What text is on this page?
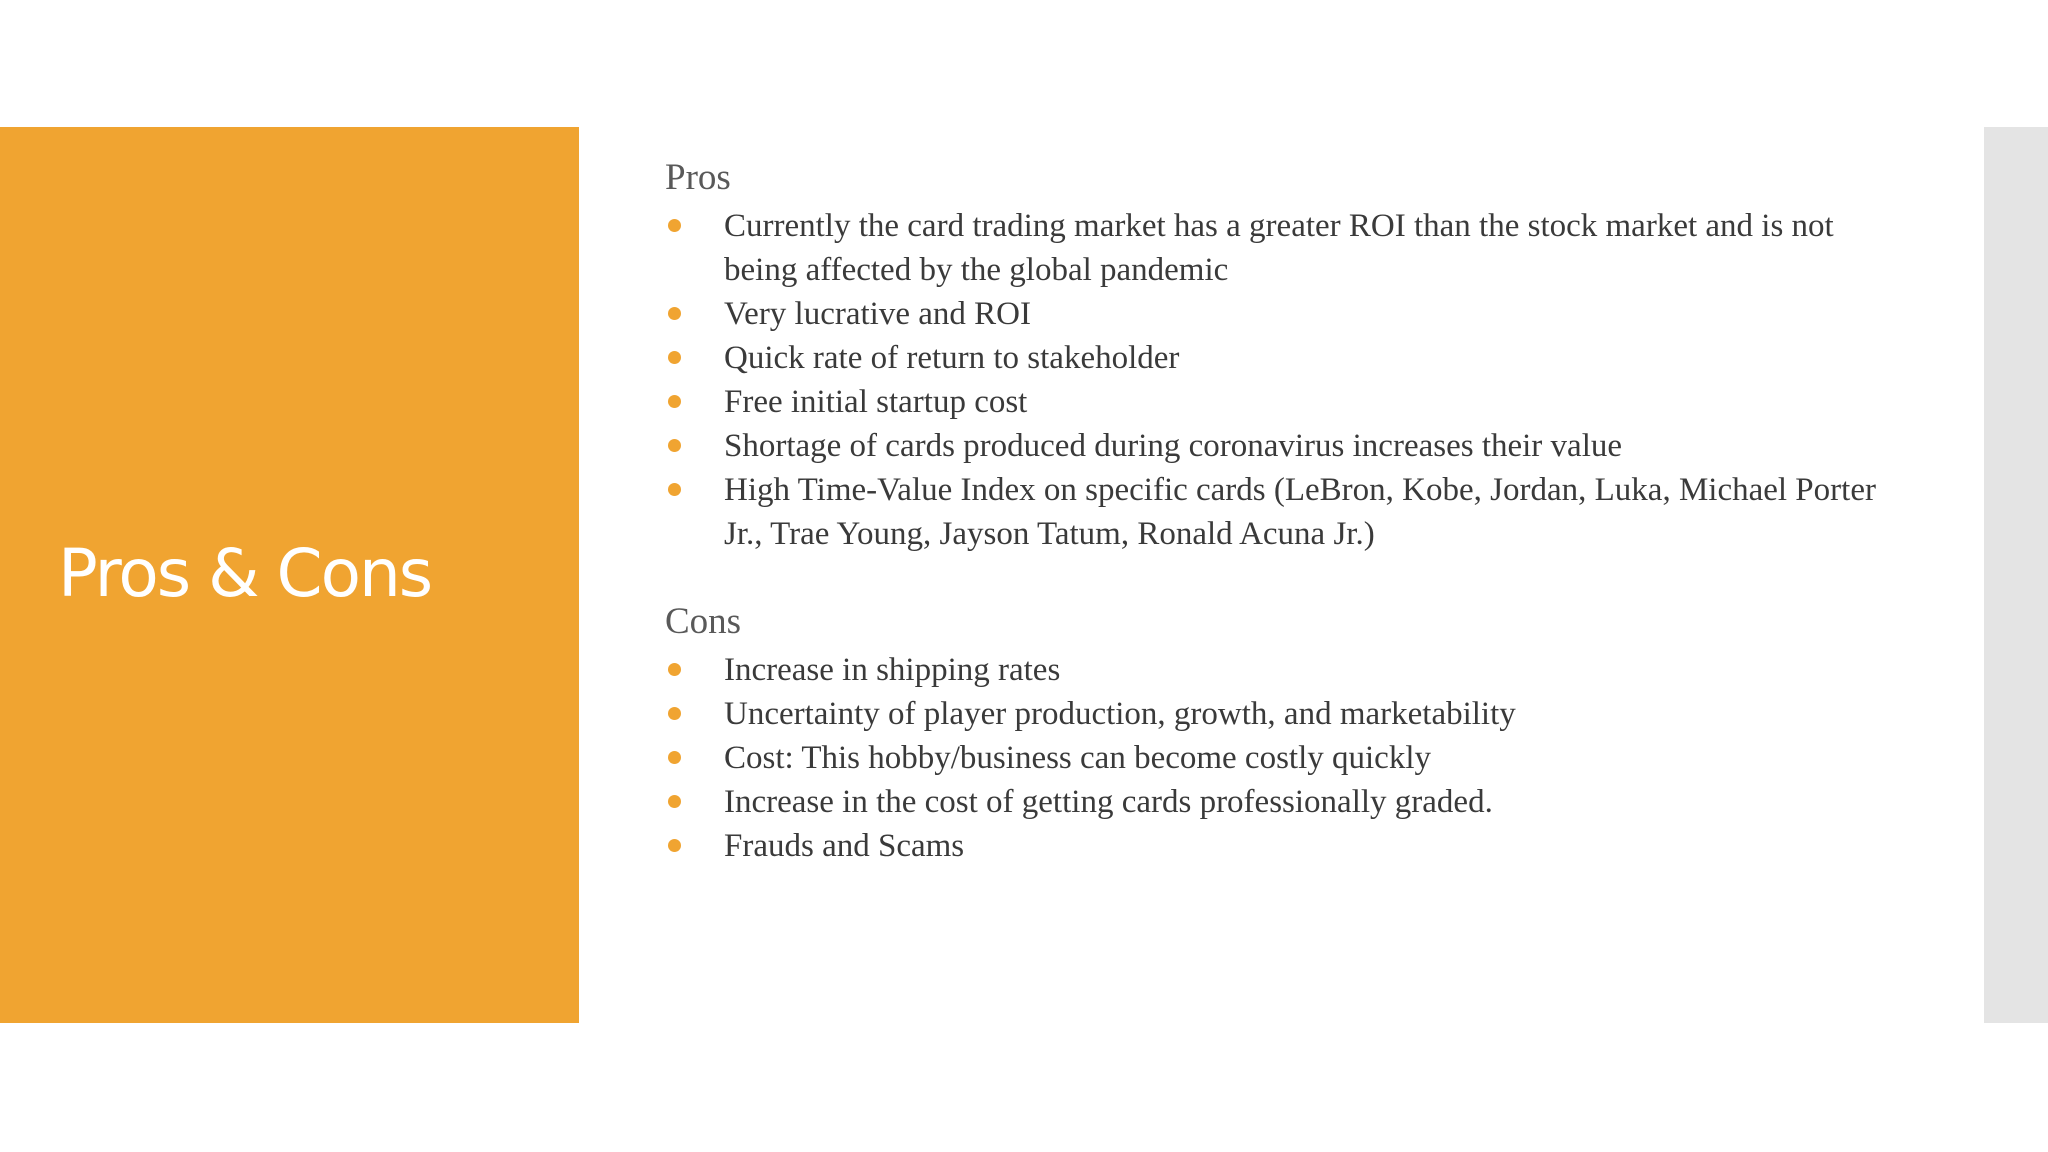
Pros & Cons
Pros
Currently the card trading market has a greater ROI than the stock market and is not being affected by the global pandemic
Very lucrative and ROI
Quick rate of return to stakeholder
Free initial startup cost
Shortage of cards produced during coronavirus increases their value
High Time-Value Index on specific cards (LeBron, Kobe, Jordan, Luka, Michael Porter Jr., Trae Young, Jayson Tatum, Ronald Acuna Jr.)
Cons
Increase in shipping rates
Uncertainty of player production, growth, and marketability
Cost: This hobby/business can become costly quickly
Increase in the cost of getting cards professionally graded.
Frauds and Scams
